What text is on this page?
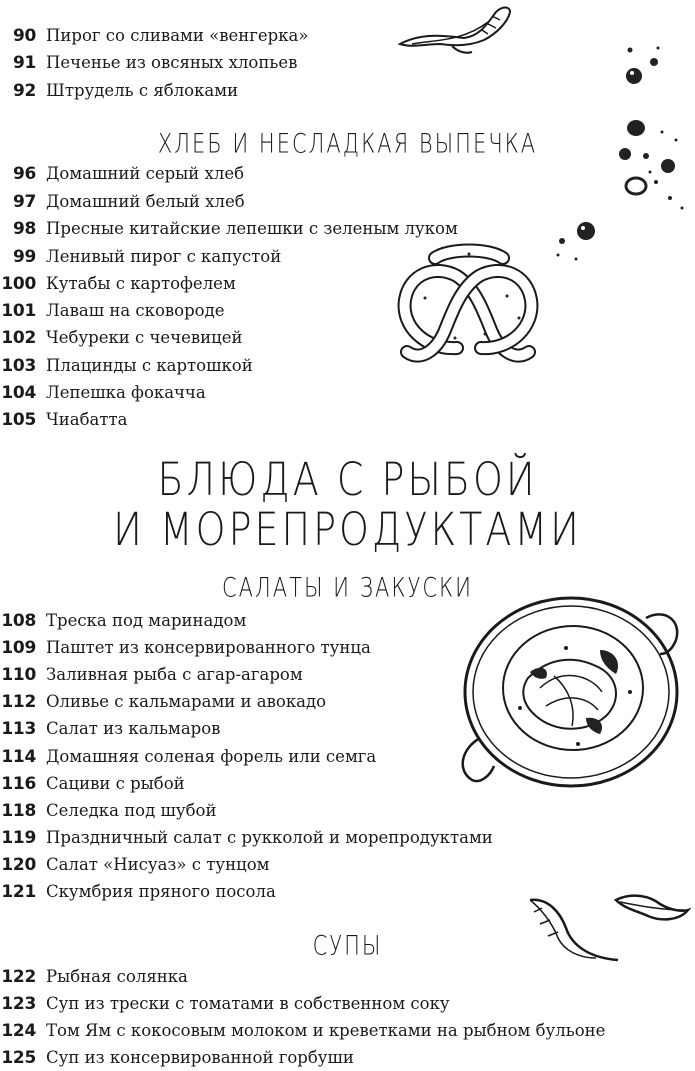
90 Пирог со сливами «венгерка»
91 Печенье из овсяных хлопьев
92 Штрудель с яблоками
ХЛЕБ И НЕСЛАДКАЯ ВЫПЕЧКА
96 Домашний серый хлеб
97 Домашний белый хлеб
98 Пресные китайские лепешки с зеленым луком
99 Ленивый пирог с капустой
100 Кутабы с картофелем
101 Лаваш на сковороде
102 Чебуреки с чечевицей
103 Плацинды с картошкой
104 Лепешка фокачча
105 Чиабатта
БЛЮДА С РЫБОЙ
И МОРЕПРОДУКТАМИ
САЛАТЫ И ЗАКУСКИ
108 Треска под маринадом
109 Паштет из консервированного тунца
110 Заливная рыба с агар-агаром
112 Оливье с кальмарами и авокадо
113 Салат из кальмаров
114 Домашняя соленая форель или семга
116 Сациви с рыбой
118 Селедка под шубой
119 Праздничный салат с рукколой и морепродуктами
120 Салат «Нисуаз» с тунцом
121 Скумбрия пряного посола
СУПЫ
122 Рыбная солянка
123 Суп из трески с томатами в собственном соку
124 Том Ям с кокосовым молоком и креветками на рыбном бульоне
125 Суп из консервированной горбуши
